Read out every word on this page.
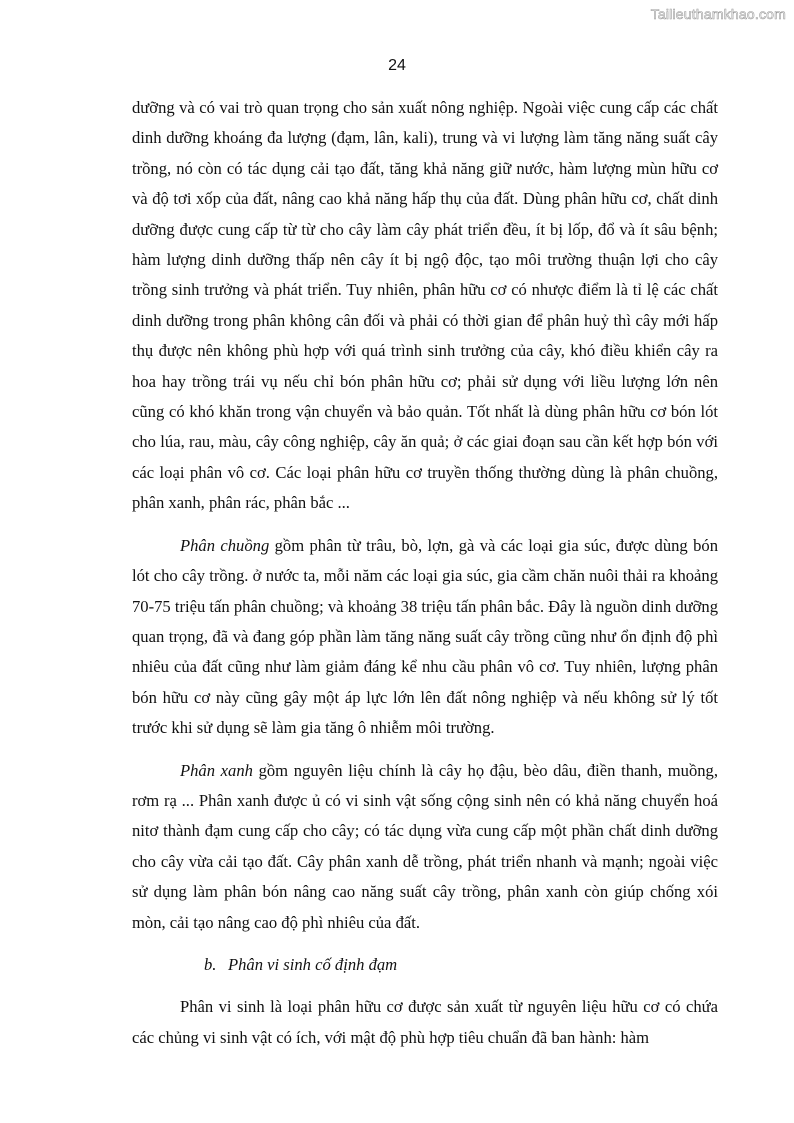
Tailieuthamkhao.com
24

dưỡng và có vai trò quan trọng cho sản xuất nông nghiệp. Ngoài việc cung cấp các chất dinh dưỡng khoáng đa lượng (đạm, lân, kali), trung và vi lượng làm tăng năng suất cây trồng, nó còn có tác dụng cải tạo đất, tăng khả năng giữ nước, hàm lượng mùn hữu cơ và độ tơi xốp của đất, nâng cao khả năng hấp thụ của đất. Dùng phân hữu cơ, chất dinh dưỡng được cung cấp từ từ cho cây làm cây phát triển đều, ít bị lốp, đổ và ít sâu bệnh; hàm lượng dinh dưỡng thấp nên cây ít bị ngộ độc, tạo môi trường thuận lợi cho cây trồng sinh trưởng và phát triển. Tuy nhiên, phân hữu cơ có nhược điểm là tỉ lệ các chất dinh dưỡng trong phân không cân đối và phải có thời gian để phân huỷ thì cây mới hấp thụ được nên không phù hợp với quá trình sinh trưởng của cây, khó điều khiển cây ra hoa hay trồng trái vụ nếu chỉ bón phân hữu cơ; phải sử dụng với liều lượng lớn nên cũng có khó khăn trong vận chuyển và bảo quản. Tốt nhất là dùng phân hữu cơ bón lót cho lúa, rau, màu, cây công nghiệp, cây ăn quả; ở các giai đoạn sau cần kết hợp bón với các loại phân vô cơ. Các loại phân hữu cơ truyền thống thường dùng là phân chuồng, phân xanh, phân rác, phân bắc ...

Phân chuồng gồm phân từ trâu, bò, lợn, gà và các loại gia súc, được dùng bón lót cho cây trồng. ở nước ta, mỗi năm các loại gia súc, gia cầm chăn nuôi thải ra khoảng 70-75 triệu tấn phân chuồng; và khoảng 38 triệu tấn phân bắc. Đây là nguồn dinh dưỡng quan trọng, đã và đang góp phần làm tăng năng suất cây trồng cũng như ổn định độ phì nhiêu của đất cũng như làm giảm đáng kể nhu cầu phân vô cơ. Tuy nhiên, lượng phân bón hữu cơ này cũng gây một áp lực lớn lên đất nông nghiệp và nếu không sử lý tốt trước khi sử dụng sẽ làm gia tăng ô nhiễm môi trường.

Phân xanh gồm nguyên liệu chính là cây họ đậu, bèo dâu, điền thanh, muồng, rơm rạ ... Phân xanh được ủ có vi sinh vật sống cộng sinh nên có khả năng chuyển hoá nitơ thành đạm cung cấp cho cây; có tác dụng vừa cung cấp một phần chất dinh dưỡng cho cây vừa cải tạo đất. Cây phân xanh dễ trồng, phát triển nhanh và mạnh; ngoài việc sử dụng làm phân bón nâng cao năng suất cây trồng, phân xanh còn giúp chống xói mòn, cải tạo nâng cao độ phì nhiêu của đất.

b. Phân vi sinh cố định đạm

Phân vi sinh là loại phân hữu cơ được sản xuất từ nguyên liệu hữu cơ có chứa các chủng vi sinh vật có ích, với mật độ phù hợp tiêu chuẩn đã ban hành: hàm
